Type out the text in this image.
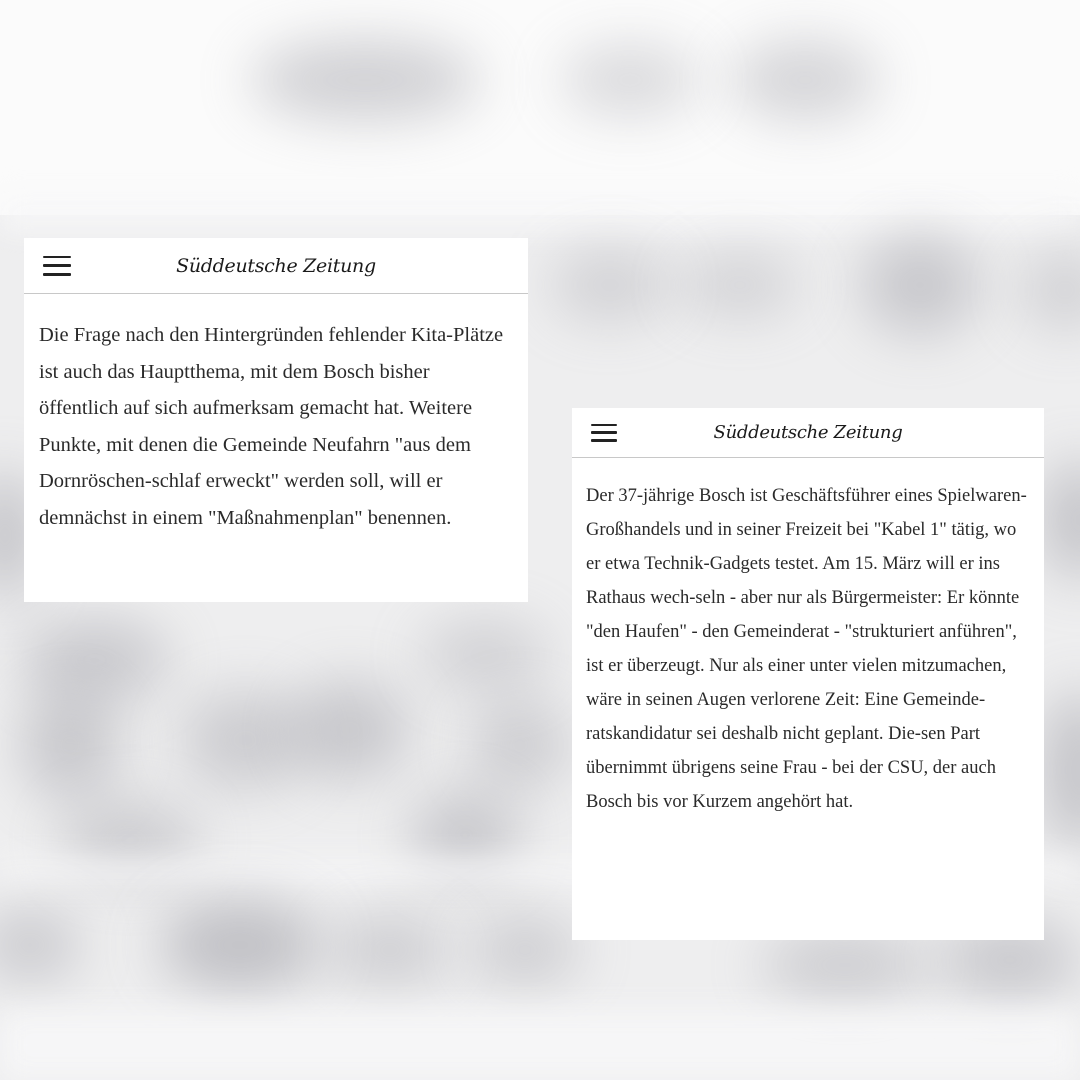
Süddeutsche Zeitung

Die Frage nach den Hintergründen fehlender Kita-Plätze ist auch das Hauptthema, mit dem Bosch bisher öffentlich auf sich aufmerksam gemacht hat. Weitere Punkte, mit denen die Gemeinde Neufahrn "aus dem Dornröschen-schlaf erweckt" werden soll, will er demnächst in einem "Maßnahmenplan" benennen.

Süddeutsche Zeitung

Der 37-jährige Bosch ist Geschäftsführer eines Spielwaren-Großhandels und in seiner Freizeit bei "Kabel 1" tätig, wo er etwa Technik-Gadgets testet. Am 15. März will er ins Rathaus wech-seln - aber nur als Bürgermeister: Er könnte "den Haufen" - den Gemeinderat - "strukturiert anführen", ist er überzeugt. Nur als einer unter vielen mitzumachen, wäre in seinen Augen verlorene Zeit: Eine Gemeinde-ratskandidatur sei deshalb nicht geplant. Die-sen Part übernimmt übrigens seine Frau - bei der CSU, der auch Bosch bis vor Kurzem angehört hat.
